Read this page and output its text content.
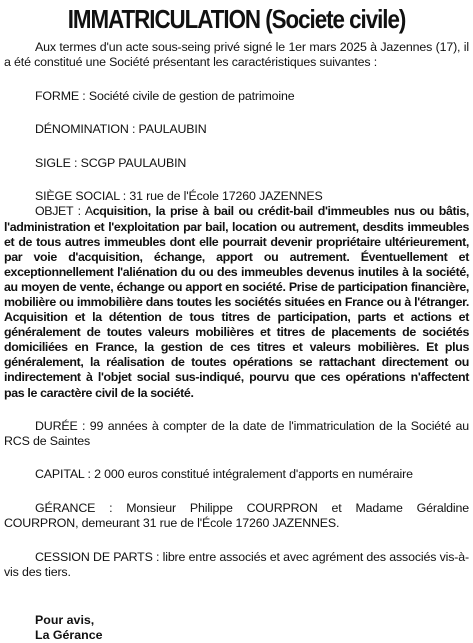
IMMATRICULATION (Societe civile)

Aux termes d'un acte sous-seing privé signé le 1er mars 2025 à Jazennes (17), il a été constitué une Société présentant les caractéristiques suivantes :

FORME : Société civile de gestion de patrimoine

DÉNOMINATION : PAULAUBIN

SIGLE : SCGP PAULAUBIN

SIÈGE SOCIAL : 31 rue de l'École 17260 JAZENNES

OBJET : Acquisition, la prise à bail ou crédit-bail d'immeubles nus ou bâtis, l'administration et l'exploitation par bail, location ou autrement, desdits immeubles et de tous autres immeubles dont elle pourrait devenir propriétaire ultérieurement, par voie d'acquisition, échange, apport ou autrement. Éventuellement et exceptionnellement l'aliénation du ou des immeubles devenus inutiles à la société, au moyen de vente, échange ou apport en société. Prise de participation financière, mobilière ou immobilière dans toutes les sociétés situées en France ou à l'étranger. Acquisition et la détention de tous titres de participation, parts et actions et généralement de toutes valeurs mobilières et titres de placements de sociétés domiciliées en France, la gestion de ces titres et valeurs mobilières. Et plus généralement, la réalisation de toutes opérations se rattachant directement ou indirectement à l'objet social sus-indiqué, pourvu que ces opérations n'affectent pas le caractère civil de la société.

DURÉE : 99 années à compter de la date de l'immatriculation de la Société au RCS de Saintes

CAPITAL : 2 000 euros constitué intégralement d'apports en numéraire

GÉRANCE : Monsieur Philippe COURPRON et Madame Géraldine COURPRON, demeurant 31 rue de l'École 17260 JAZENNES.

CESSION DE PARTS : libre entre associés et avec agrément des associés vis-à-vis des tiers.

Pour avis,

La Gérance
